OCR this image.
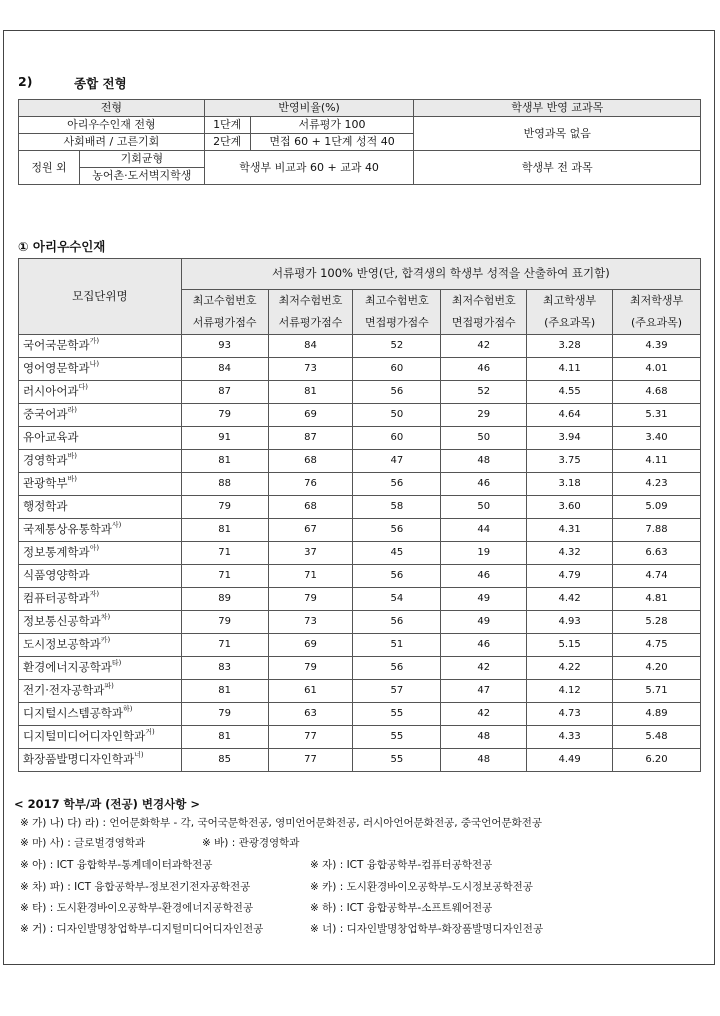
2)	종합 전형
전형	반영비율(%)	학생부 반영 교과목
아리우수인재 전형	1단계	서류평가 100	반영과목 없음
사회배려 / 고른기회	2단계	면접 60 + 1단계 성적 40

정원 외	기회균형
농어촌·도서벽지학생
	학생부 비교과 60 + 교과 40	학생부 전 과목
① 아리우수인재
모집단위명	서류평가 100% 반영(단, 합격생의 학생부 성적을 산출하여 표기함)					
	최고수험번호	최저수험번호	최고수험번호	최저수험번호	최고학생부	최저학생부
	서류평가점수	서류평가점수	면접평가점수	면접평가점수	(주요과목)	(주요과목)
국어국문학과$^{가)}$	93	84	52	42	3.28	4.39
영어영문학과$^{나)}$	84	73	60	46	4.11	4.01
러시아어과$^{다)}$	87	81	56	52	4.55	4.68
중국어과$^{라)}$	79	69	50	29	4.64	5.31
유아교육과	91	87	60	50	3.94	3.40
경영학과$^{바)}$	81	68	47	48	3.75	4.11
관광학부$^{바)}$	88	76	56	46	3.18	4.23
행정학과	79	68	58	50	3.60	5.09
국제통상유통학과$^{사)}$	81	67	56	44	4.31	7.88
정보통계학과$^{아)}$	71	37	45	19	4.32	6.63
식품영양학과	71	71	56	46	4.79	4.74
컴퓨터공학과$^{자)}$	89	79	54	49	4.42	4.81
정보통신공학과$^{차)}$	79	73	56	49	4.93	5.28
도시정보공학과$^{카)}$	71	69	51	46	5.15	4.75
환경에너지공학과$^{타)}$	83	79	56	42	4.22	4.20
전기·전자공학과$^{파)}$	81	61	57	47	4.12	5.71
디지털시스템공학과$^{하)}$	79	63	55	42	4.73	4.89
디지털미디어디자인학과$^{거)}$	81	77	55	48	4.33	5.48
화장품발명디자인학과$^{너)}$	85	77	55	48	4.49	6.20
< 2017 학부/과 (전공) 변경사항 >
※ 가) 나) 다) 라) : 언어문화학부 - 각, 국어국문학전공, 영미언어문화전공, 러시아언어문화전공, 중국언어문화전공
※ 마) 사) : 글로벌경영학과	※ 바) : 관광경영학과
※ 아) : ICT 융합학부-통계데이터과학전공	※ 자) : ICT 융합공학부-컴퓨터공학전공
※ 차) 파) : ICT 융합공학부-정보전기전자공학전공	※ 카) : 도시환경바이오공학부-도시정보공학전공
※ 타) : 도시환경바이오공학부-환경에너지공학전공	※ 하) : ICT 융합공학부-소프트웨어전공
※ 거) : 디자인발명창업학부-디지털미디어디자인전공	※ 너) : 디자인발명창업학부-화장품발명디자인전공
